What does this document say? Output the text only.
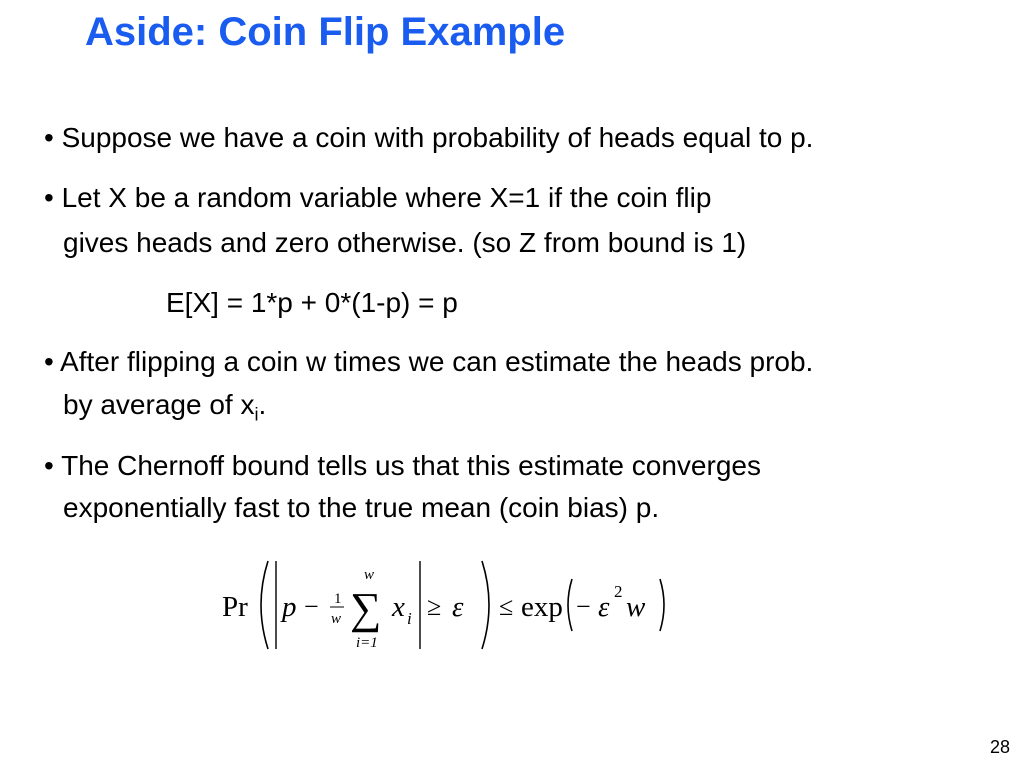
Aside: Coin Flip Example
• Suppose we have a coin with probability of heads equal to p.
• Let X be a random variable where X=1 if the coin flip
gives heads and zero otherwise. (so Z from bound is 1)
E[X] = 1*p + 0*(1-p) = p
• After flipping a coin w times we can estimate the heads prob.
by average of $x_i$.
• The Chernoff bound tells us that this estimate converges
exponentially fast to the true mean (coin bias) p.
Pr p − 1
w
w
∑
i=1
x i ≥ ε ≤ exp − ε 2 w
28
